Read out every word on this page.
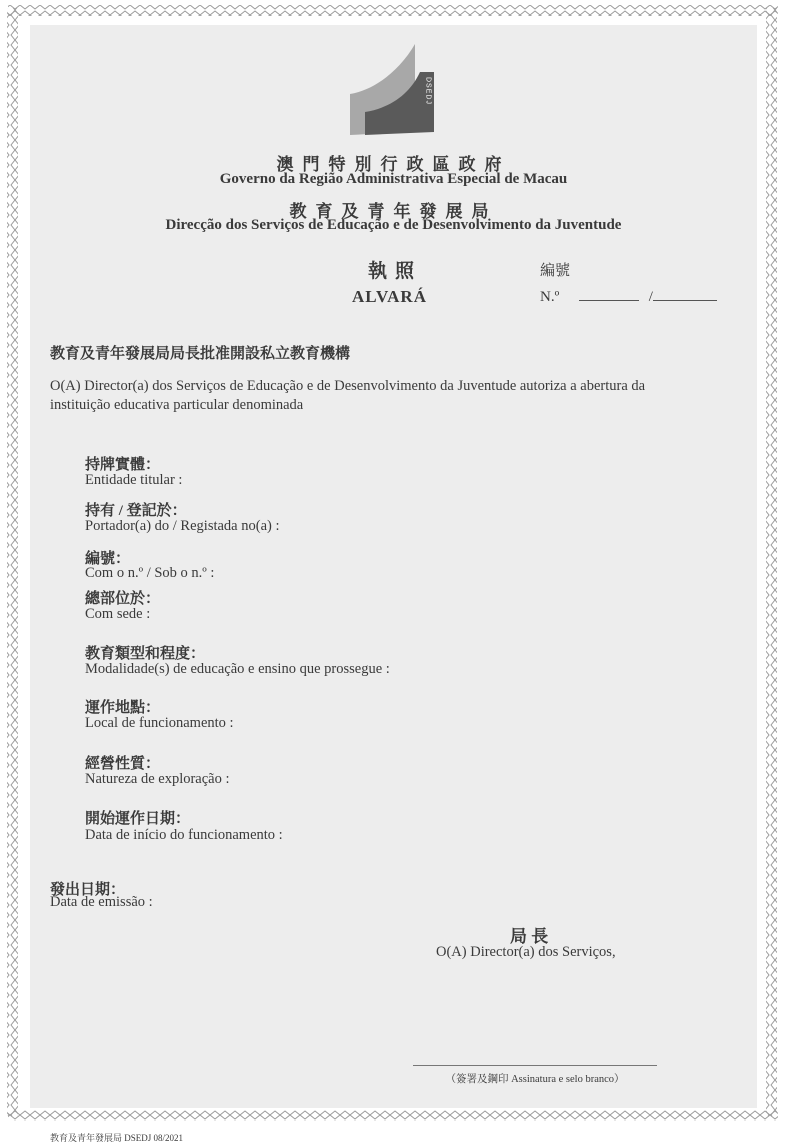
DSEDJ
澳門特別行政區政府
Governo da Região Administrativa Especial de Macau
教育及青年發展局
Direcção dos Serviços de Educação e de Desenvolvimento da Juventude
執照
ALVARÁ
編號
N.º	/
教育及青年發展局局長批准開設私立教育機構
O(A) Director(a) dos Serviços de Educação e de Desenvolvimento da Juventude autoriza a abertura da
instituição educativa particular denominada
持牌實體：
Entidade titular :
持有 / 登記於：
Portador(a) do / Registada no(a) :
編號：
Com o n.º / Sob o n.º :
總部位於：
Com sede :
教育類型和程度：
Modalidade(s) de educação e ensino que prossegue :
運作地點：
Local de funcionamento :
經營性質：
Natureza de exploração :
開始運作日期：
Data de início do funcionamento :
發出日期：
Data de emissão :
局 長
O(A) Director(a) dos Serviços,
（簽署及鋼印 Assinatura e selo branco）
教育及青年發展局 DSEDJ 08/2021
